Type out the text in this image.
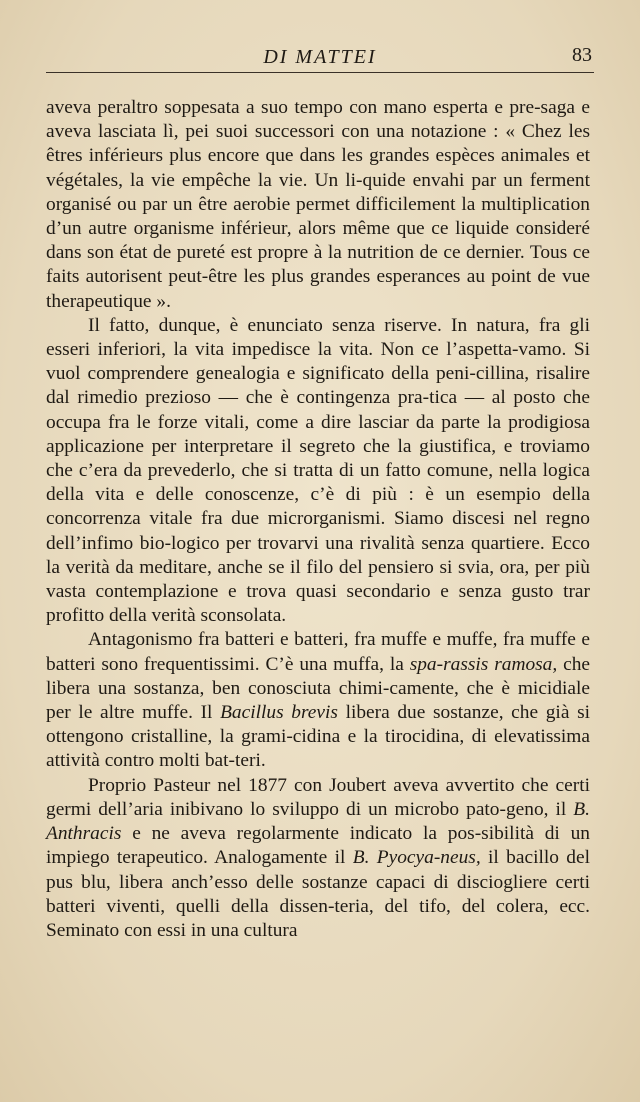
DI MATTEI	83

aveva peraltro soppesata a suo tempo con mano esperta e pre-saga e aveva lasciata lì, pei suoi successori con una notazione : « Chez les êtres inférieurs plus encore que dans les grandes espèces animales et végétales, la vie empêche la vie. Un li-quide envahi par un ferment organisé ou par un être aerobie permet difficilement la multiplication d’un autre organisme inférieur, alors même que ce liquide consideré dans son état de pureté est propre à la nutrition de ce dernier. Tous ce faits autorisent peut-être les plus grandes esperances au point de vue therapeutique ».

Il fatto, dunque, è enunciato senza riserve. In natura, fra gli esseri inferiori, la vita impedisce la vita. Non ce l’aspetta-vamo. Si vuol comprendere genealogia e significato della peni-cillina, risalire dal rimedio prezioso — che è contingenza pra-tica — al posto che occupa fra le forze vitali, come a dire lasciar da parte la prodigiosa applicazione per interpretare il segreto che la giustifica, e troviamo che c’era da prevederlo, che si tratta di un fatto comune, nella logica della vita e delle conoscenze, c’è di più : è un esempio della concorrenza vitale fra due microrganismi. Siamo discesi nel regno dell’infimo bio-logico per trovarvi una rivalità senza quartiere. Ecco la verità da meditare, anche se il filo del pensiero si svia, ora, per più vasta contemplazione e trova quasi secondario e senza gusto trar profitto della verità sconsolata.

Antagonismo fra batteri e batteri, fra muffe e muffe, fra muffe e batteri sono frequentissimi. C’è una muffa, la spa-rassis ramosa, che libera una sostanza, ben conosciuta chimi-camente, che è micidiale per le altre muffe. Il Bacillus brevis libera due sostanze, che già si ottengono cristalline, la grami-cidina e la tirocidina, di elevatissima attività contro molti bat-teri.

Proprio Pasteur nel 1877 con Joubert aveva avvertito che certi germi dell’aria inibivano lo sviluppo di un microbo pato-geno, il B. Anthracis e ne aveva regolarmente indicato la pos-sibilità di un impiego terapeutico. Analogamente il B. Pyocya-neus, il bacillo del pus blu, libera anch’esso delle sostanze capaci di disciogliere certi batteri viventi, quelli della dissen-teria, del tifo, del colera, ecc. Seminato con essi in una cultura
